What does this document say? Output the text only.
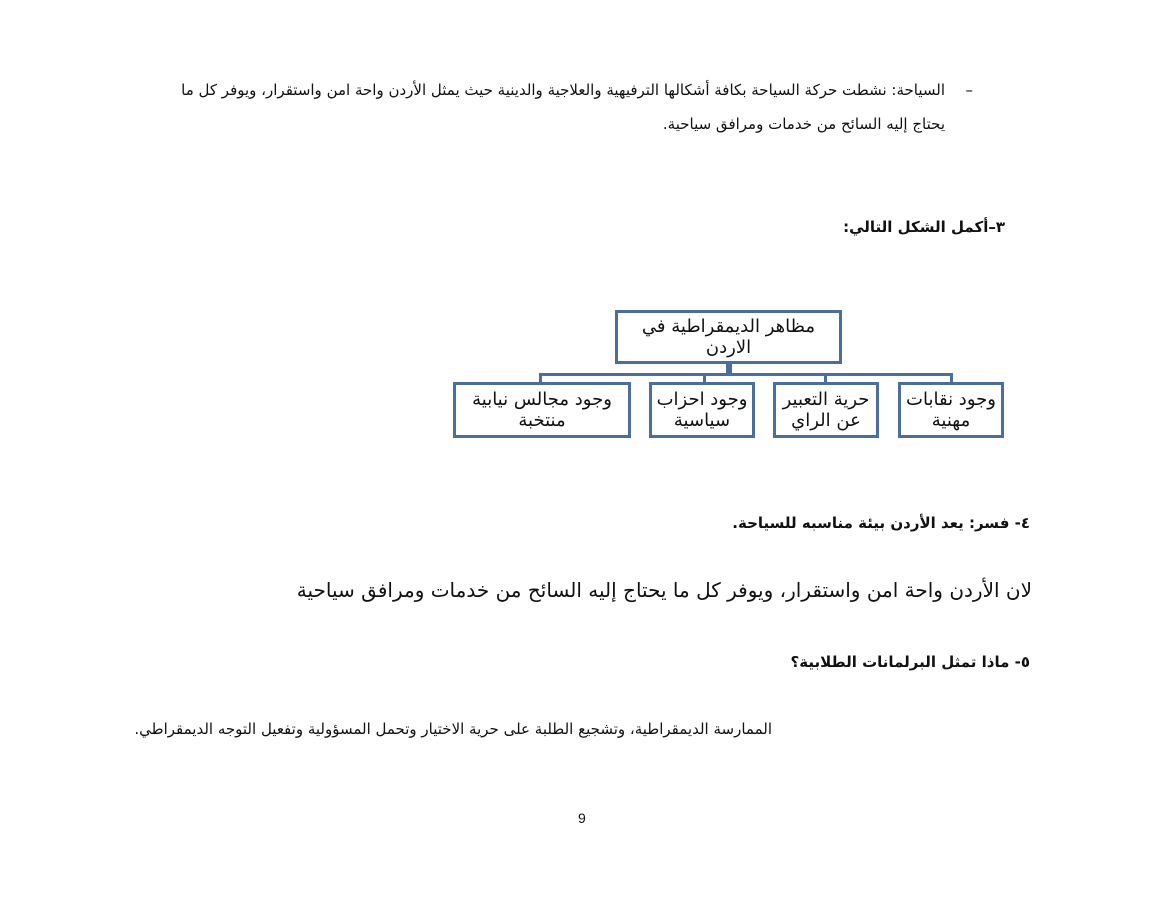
–
السياحة: نشطت حركة السياحة بكافة أشكالها الترفيهية والعلاجية والدينية حيث يمثل الأردن واحة امن واستقرار، ويوفر كل ما
يحتاج إليه السائح من خدمات ومرافق سياحية.
٣–أكمل الشكل التالي:
مظاهر الديمقراطية في الاردن
وجود نقابات مهنية
حرية التعبير عن الراي
وجود احزاب سياسية
وجود مجالس نيابية منتخبة
٤- فسر: يعد الأردن بيئة مناسبه للسياحة.
لان الأردن واحة امن واستقرار، ويوفر كل ما يحتاج إليه السائح من خدمات ومرافق سياحية
٥- ماذا تمثل البرلمانات الطلابية؟
الممارسة الديمقراطية، وتشجيع الطلبة على حرية الاختيار وتحمل المسؤولية وتفعيل التوجه الديمقراطي.
9
